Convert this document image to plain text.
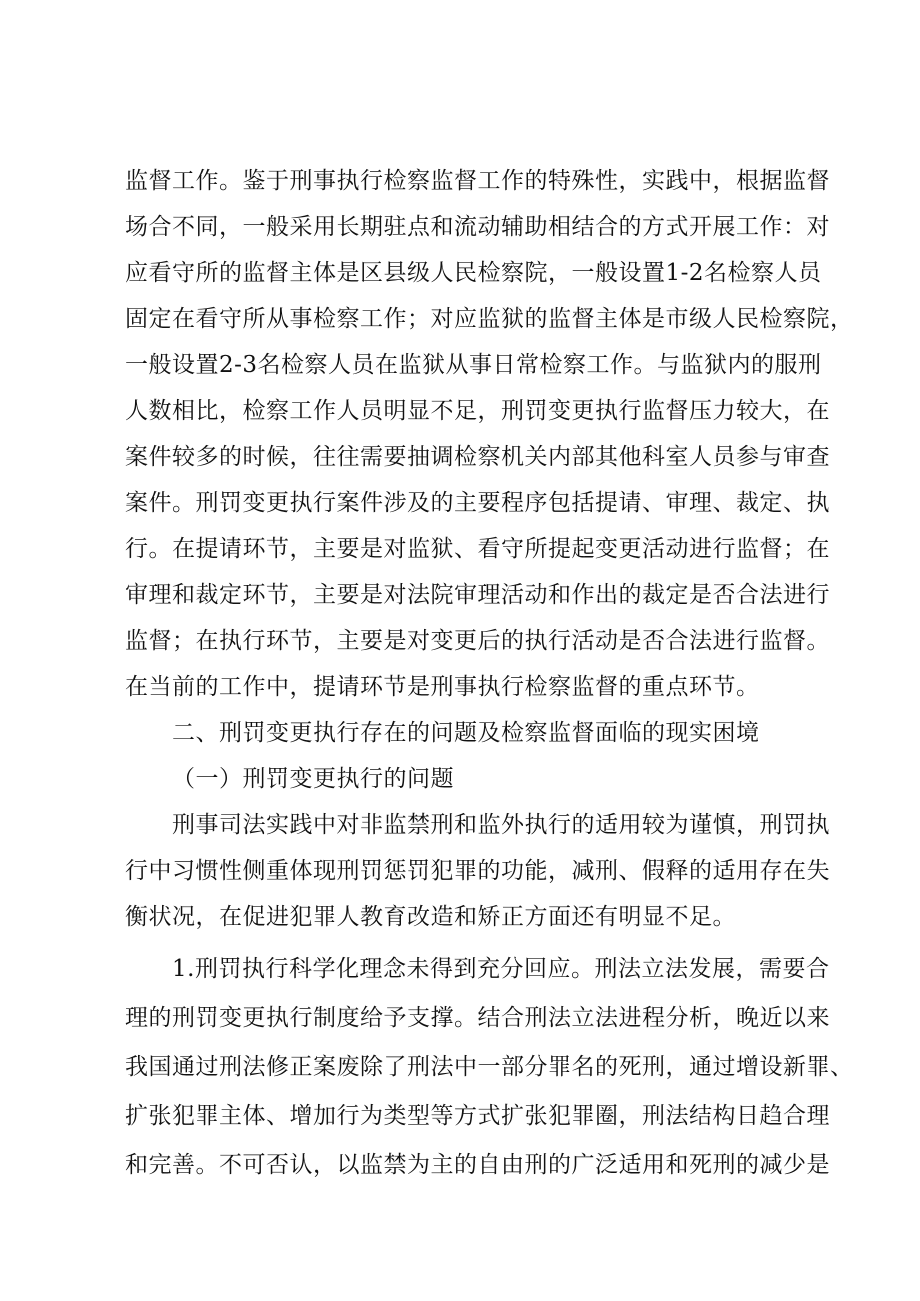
监督工作。鉴于刑事执行检察监督工作的特殊性，实践中，根据监督
场合不同，一般采用长期驻点和流动辅助相结合的方式开展工作：对
应看守所的监督主体是区县级人民检察院，一般设置1-2名检察人员
固定在看守所从事检察工作；对应监狱的监督主体是市级人民检察院，
一般设置2-3名检察人员在监狱从事日常检察工作。与监狱内的服刑
人数相比，检察工作人员明显不足，刑罚变更执行监督压力较大，在
案件较多的时候，往往需要抽调检察机关内部其他科室人员参与审查
案件。刑罚变更执行案件涉及的主要程序包括提请、审理、裁定、执
行。在提请环节，主要是对监狱、看守所提起变更活动进行监督；在
审理和裁定环节，主要是对法院审理活动和作出的裁定是否合法进行
监督；在执行环节，主要是对变更后的执行活动是否合法进行监督。
在当前的工作中，提请环节是刑事执行检察监督的重点环节。
二、刑罚变更执行存在的问题及检察监督面临的现实困境
（一）刑罚变更执行的问题
刑事司法实践中对非监禁刑和监外执行的适用较为谨慎，刑罚执
行中习惯性侧重体现刑罚惩罚犯罪的功能，减刑、假释的适用存在失
衡状况，在促进犯罪人教育改造和矫正方面还有明显不足。
1.刑罚执行科学化理念未得到充分回应。刑法立法发展，需要合
理的刑罚变更执行制度给予支撑。结合刑法立法进程分析，晚近以来
我国通过刑法修正案废除了刑法中一部分罪名的死刑，通过增设新罪、
扩张犯罪主体、增加行为类型等方式扩张犯罪圈，刑法结构日趋合理
和完善。不可否认，以监禁为主的自由刑的广泛适用和死刑的减少是
